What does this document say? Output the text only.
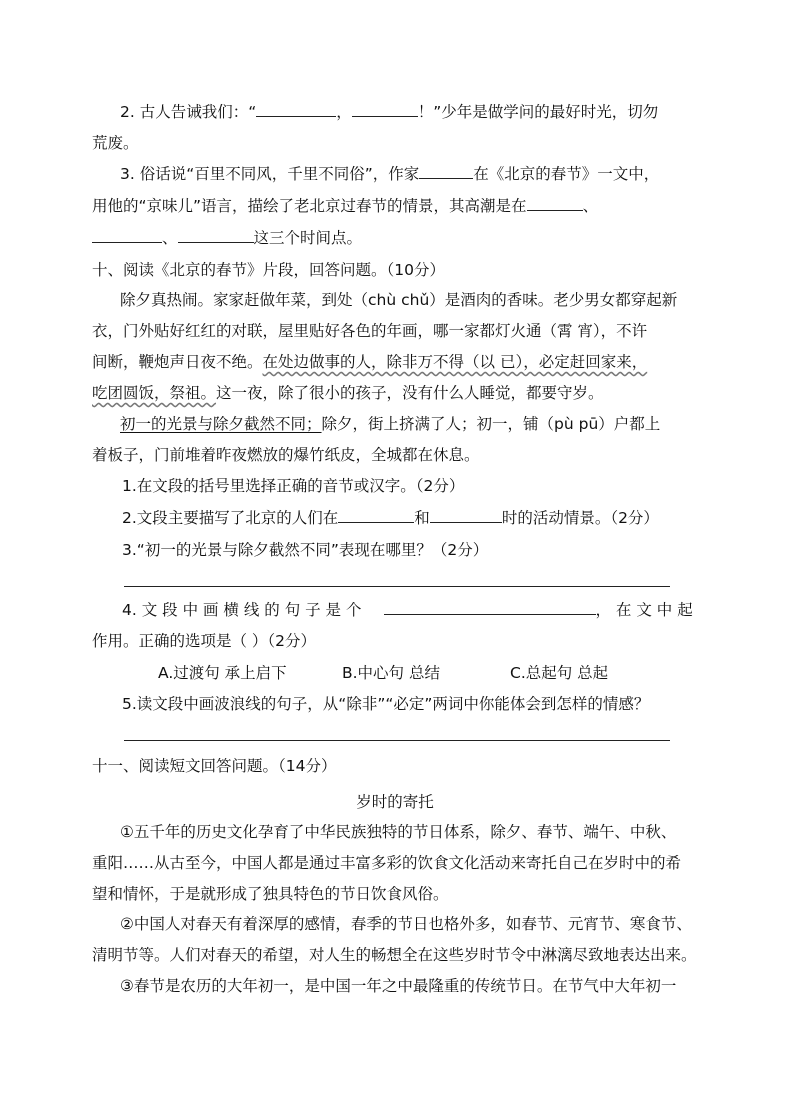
2. 古人告诫我们：“	，	！”少年是做学问的最好时光，切勿
荒废。
3. 俗话说“百里不同风，千里不同俗”，作家	在《北京的春节》一文中，
用他的“京味儿”语言，描绘了老北京过春节的情景，其高潮是在	、
、	这三个时间点。
十、阅读《北京的春节》片段，回答问题。（10分）
除夕真热闹。家家赶做年菜，到处（chù chǔ）是酒肉的香味。老少男女都穿起新
衣，门外贴好红红的对联，屋里贴好各色的年画，哪一家都灯火通（霄 宵），不许
间断，鞭炮声日夜不绝。在处边做事的人，除非万不得（以 已），必定赶回家来，
吃团圆饭，祭祖。这一夜，除了很小的孩子，没有什么人睡觉，都要守岁。
初一的光景与除夕截然不同；除夕，街上挤满了人；初一，铺（pù pū）户都上
着板子，门前堆着昨夜燃放的爆竹纸皮，全城都在休息。
1.在文段的括号里选择正确的音节或汉字。（2分）
2.文段主要描写了北京的人们在	和	时的活动情景。（2分）
3.“初一的光景与除夕截然不同”表现在哪里？（2分）
4. 文 段 中 画 横 线 的 句 子 是 个	， 在 文 中 起
作用。正确的选项是（ ）（2分）
A.过渡句 承上启下	B.中心句 总结	C.总起句 总起
5.读文段中画波浪线的句子，从“除非”“必定”两词中你能体会到怎样的情感？
十一、阅读短文回答问题。（14分）
岁时的寄托
①五千年的历史文化孕育了中华民族独特的节日体系，除夕、春节、端午、中秋、
重阳……从古至今，中国人都是通过丰富多彩的饮食文化活动来寄托自己在岁时中的希
望和情怀，于是就形成了独具特色的节日饮食风俗。
②中国人对春天有着深厚的感情，春季的节日也格外多，如春节、元宵节、寒食节、
清明节等。人们对春天的希望，对人生的畅想全在这些岁时节令中淋漓尽致地表达出来。
③春节是农历的大年初一，是中国一年之中最隆重的传统节日。在节气中大年初一
